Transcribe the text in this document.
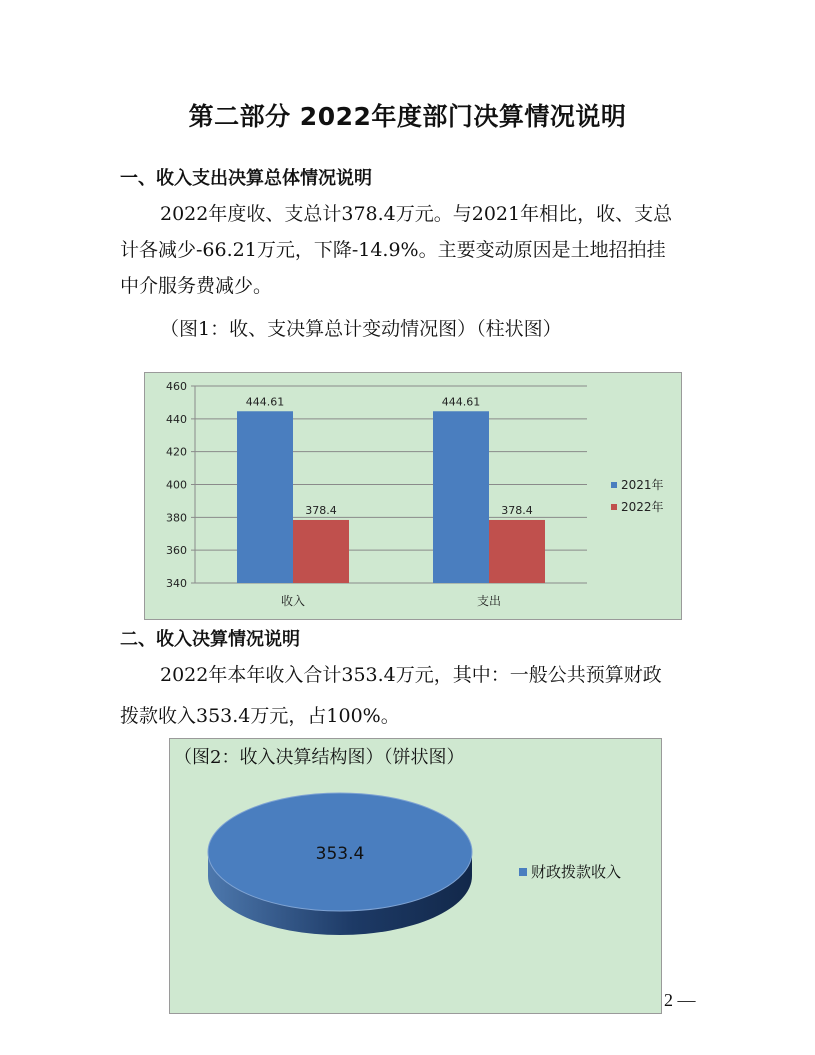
第二部分 2022年度部门决算情况说明
一、收入支出决算总体情况说明
2022年度收、支总计378.4万元。与2021年相比，收、支总
计各减少-66.21万元，下降-14.9%。主要变动原因是土地招拍挂
中介服务费减少。
（图1：收、支决算总计变动情况图）（柱状图）
340
360
380
400
420
440
460
收入
444.61
378.4
支出
444.61
378.4
2021年
2022年
二、收入决算情况说明
2022年本年收入合计353.4万元，其中：一般公共预算财政
拨款收入353.4万元，占100%。
（图2：收入决算结构图）（饼状图）
353.4
财政拨款收入
2 —
